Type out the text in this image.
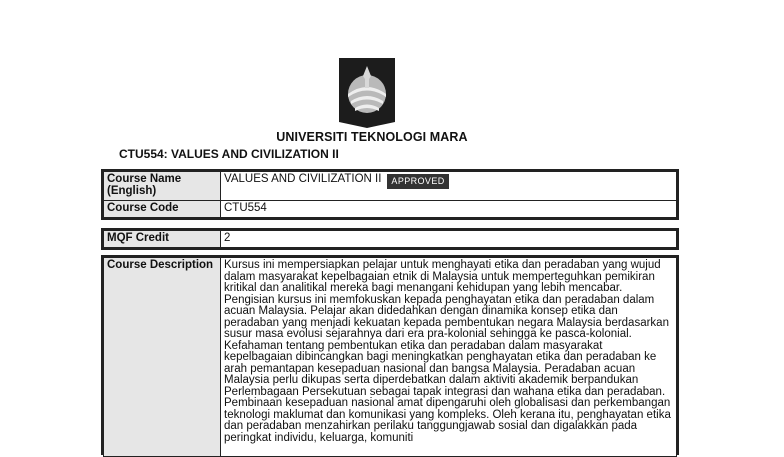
UNIVERSITI TEKNOLOGI MARA
CTU554: VALUES AND CIVILIZATION II
Course Name (English)	VALUES AND CIVILIZATION II APPROVED
Course Code	CTU554
MQF Credit	2
Course Description	Kursus ini mempersiapkan pelajar untuk menghayati etika dan peradaban yang wujud dalam masyarakat kepelbagaian etnik di Malaysia untuk memperteguhkan pemikiran kritikal dan analitikal mereka bagi menangani kehidupan yang lebih mencabar. Pengisian kursus ini memfokuskan kepada penghayatan etika dan peradaban dalam acuan Malaysia. Pelajar akan didedahkan dengan dinamika konsep etika dan peradaban yang menjadi kekuatan kepada pembentukan negara Malaysia berdasarkan susur masa evolusi sejarahnya dari era pra-kolonial sehingga ke pasca-kolonial. Kefahaman tentang pembentukan etika dan peradaban dalam masyarakat kepelbagaian dibincangkan bagi meningkatkan penghayatan etika dan peradaban ke arah pemantapan kesepaduan nasional dan bangsa Malaysia. Peradaban acuan Malaysia perlu dikupas serta diperdebatkan dalam aktiviti akademik berpandukan Perlembagaan Persekutuan sebagai tapak integrasi dan wahana etika dan peradaban. Pembinaan kesepaduan nasional amat dipengaruhi oleh globalisasi dan perkembangan teknologi maklumat dan komunikasi yang kompleks. Oleh kerana itu, penghayatan etika dan peradaban menzahirkan perilaku tanggungjawab sosial dan digalakkan pada peringkat individu, keluarga, komuniti
